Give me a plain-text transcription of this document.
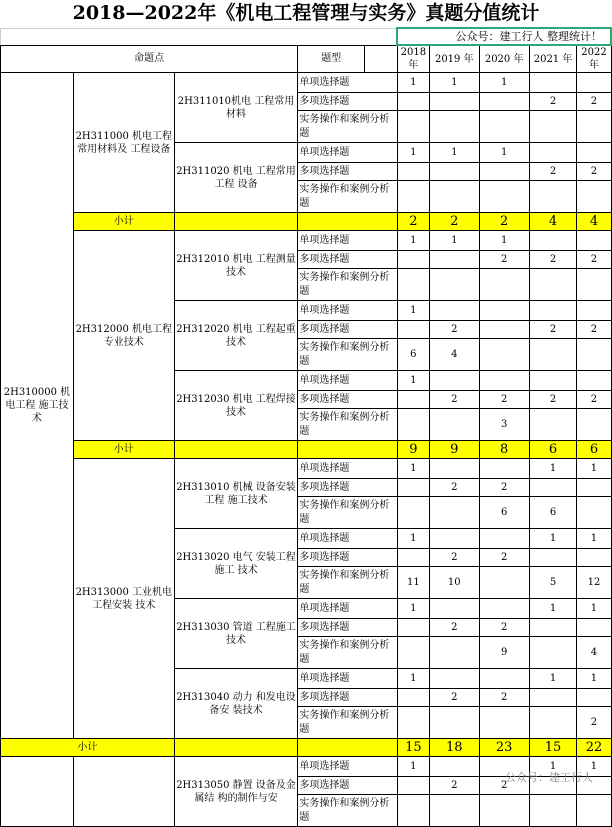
2018—2022年《机电工程管理与实务》真题分值统计
					公众号：建工行人 整理统计！				
命题点			题型		2018 年	2019 年	2020 年	2021 年	2022 年
2H310000 机电工程 施工技术	2H311000 机电工程 常用材料及 工程设备	2H311010机电 工程常用材料	单项选择题		1	1	1		
			多项选择题					2	2
			实务操作和案例分析题						
		2H311020 机电 工程常用工程 设备	单项选择题		1	1	1		
			多项选择题					2	2
			实务操作和案例分析题						
	小计				2	2	2	4	4
	2H312000 机电工程 专业技术	2H312010 机电 工程测量技术	单项选择题		1	1	1		
			多项选择题				2	2	2
			实务操作和案例分析题						
		2H312020 机电 工程起重技术	单项选择题		1				
			多项选择题			2		2	2
			实务操作和案例分析题		6	4			
		2H312030 机电 工程焊接技术	单项选择题		1				
			多项选择题			2	2	2	2
			实务操作和案例分析题				3		
	小计				9	9	8	6	6
	2H313000 工业机电 工程安装 技术	2H313010 机械 设备安装工程 施工技术	单项选择题		1			1	1
			多项选择题			2	2		
			实务操作和案例分析题				6	6	
		2H313020 电气 安装工程施工 技术	单项选择题		1			1	1
			多项选择题			2	2		
			实务操作和案例分析题		11	10		5	12
		2H313030 管道 工程施工技术	单项选择题		1			1	1
			多项选择题			2	2		
			实务操作和案例分析题				9		4
		2H313040 动力 和发电设备安 装技术	单项选择题		1			1	1
			多项选择题			2	2		
			实务操作和案例分析题						2
小计					15	18	23	15	22
		2H313050 静置 设备及金属结 构的制作与安	单项选择题		1			1	1
			多项选择题			2	2		
			实务操作和案例分析题						
公众号：建工行人
